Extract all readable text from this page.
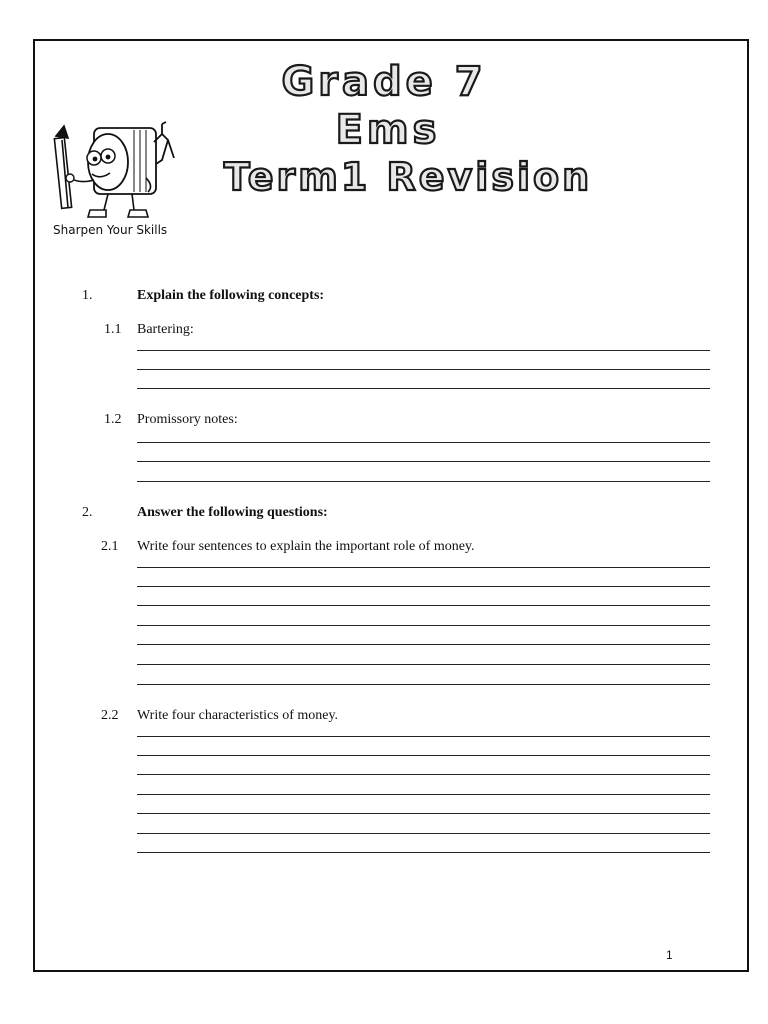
Grade 7
Ems
Term1 Revision
Sharpen Your Skills
1.	Explain the following concepts:
1.1 Bartering:
1.2 Promissory notes:
2.	Answer the following questions:
2.1 Write four sentences to explain the important role of money.
2.2 Write four characteristics of money.
1
